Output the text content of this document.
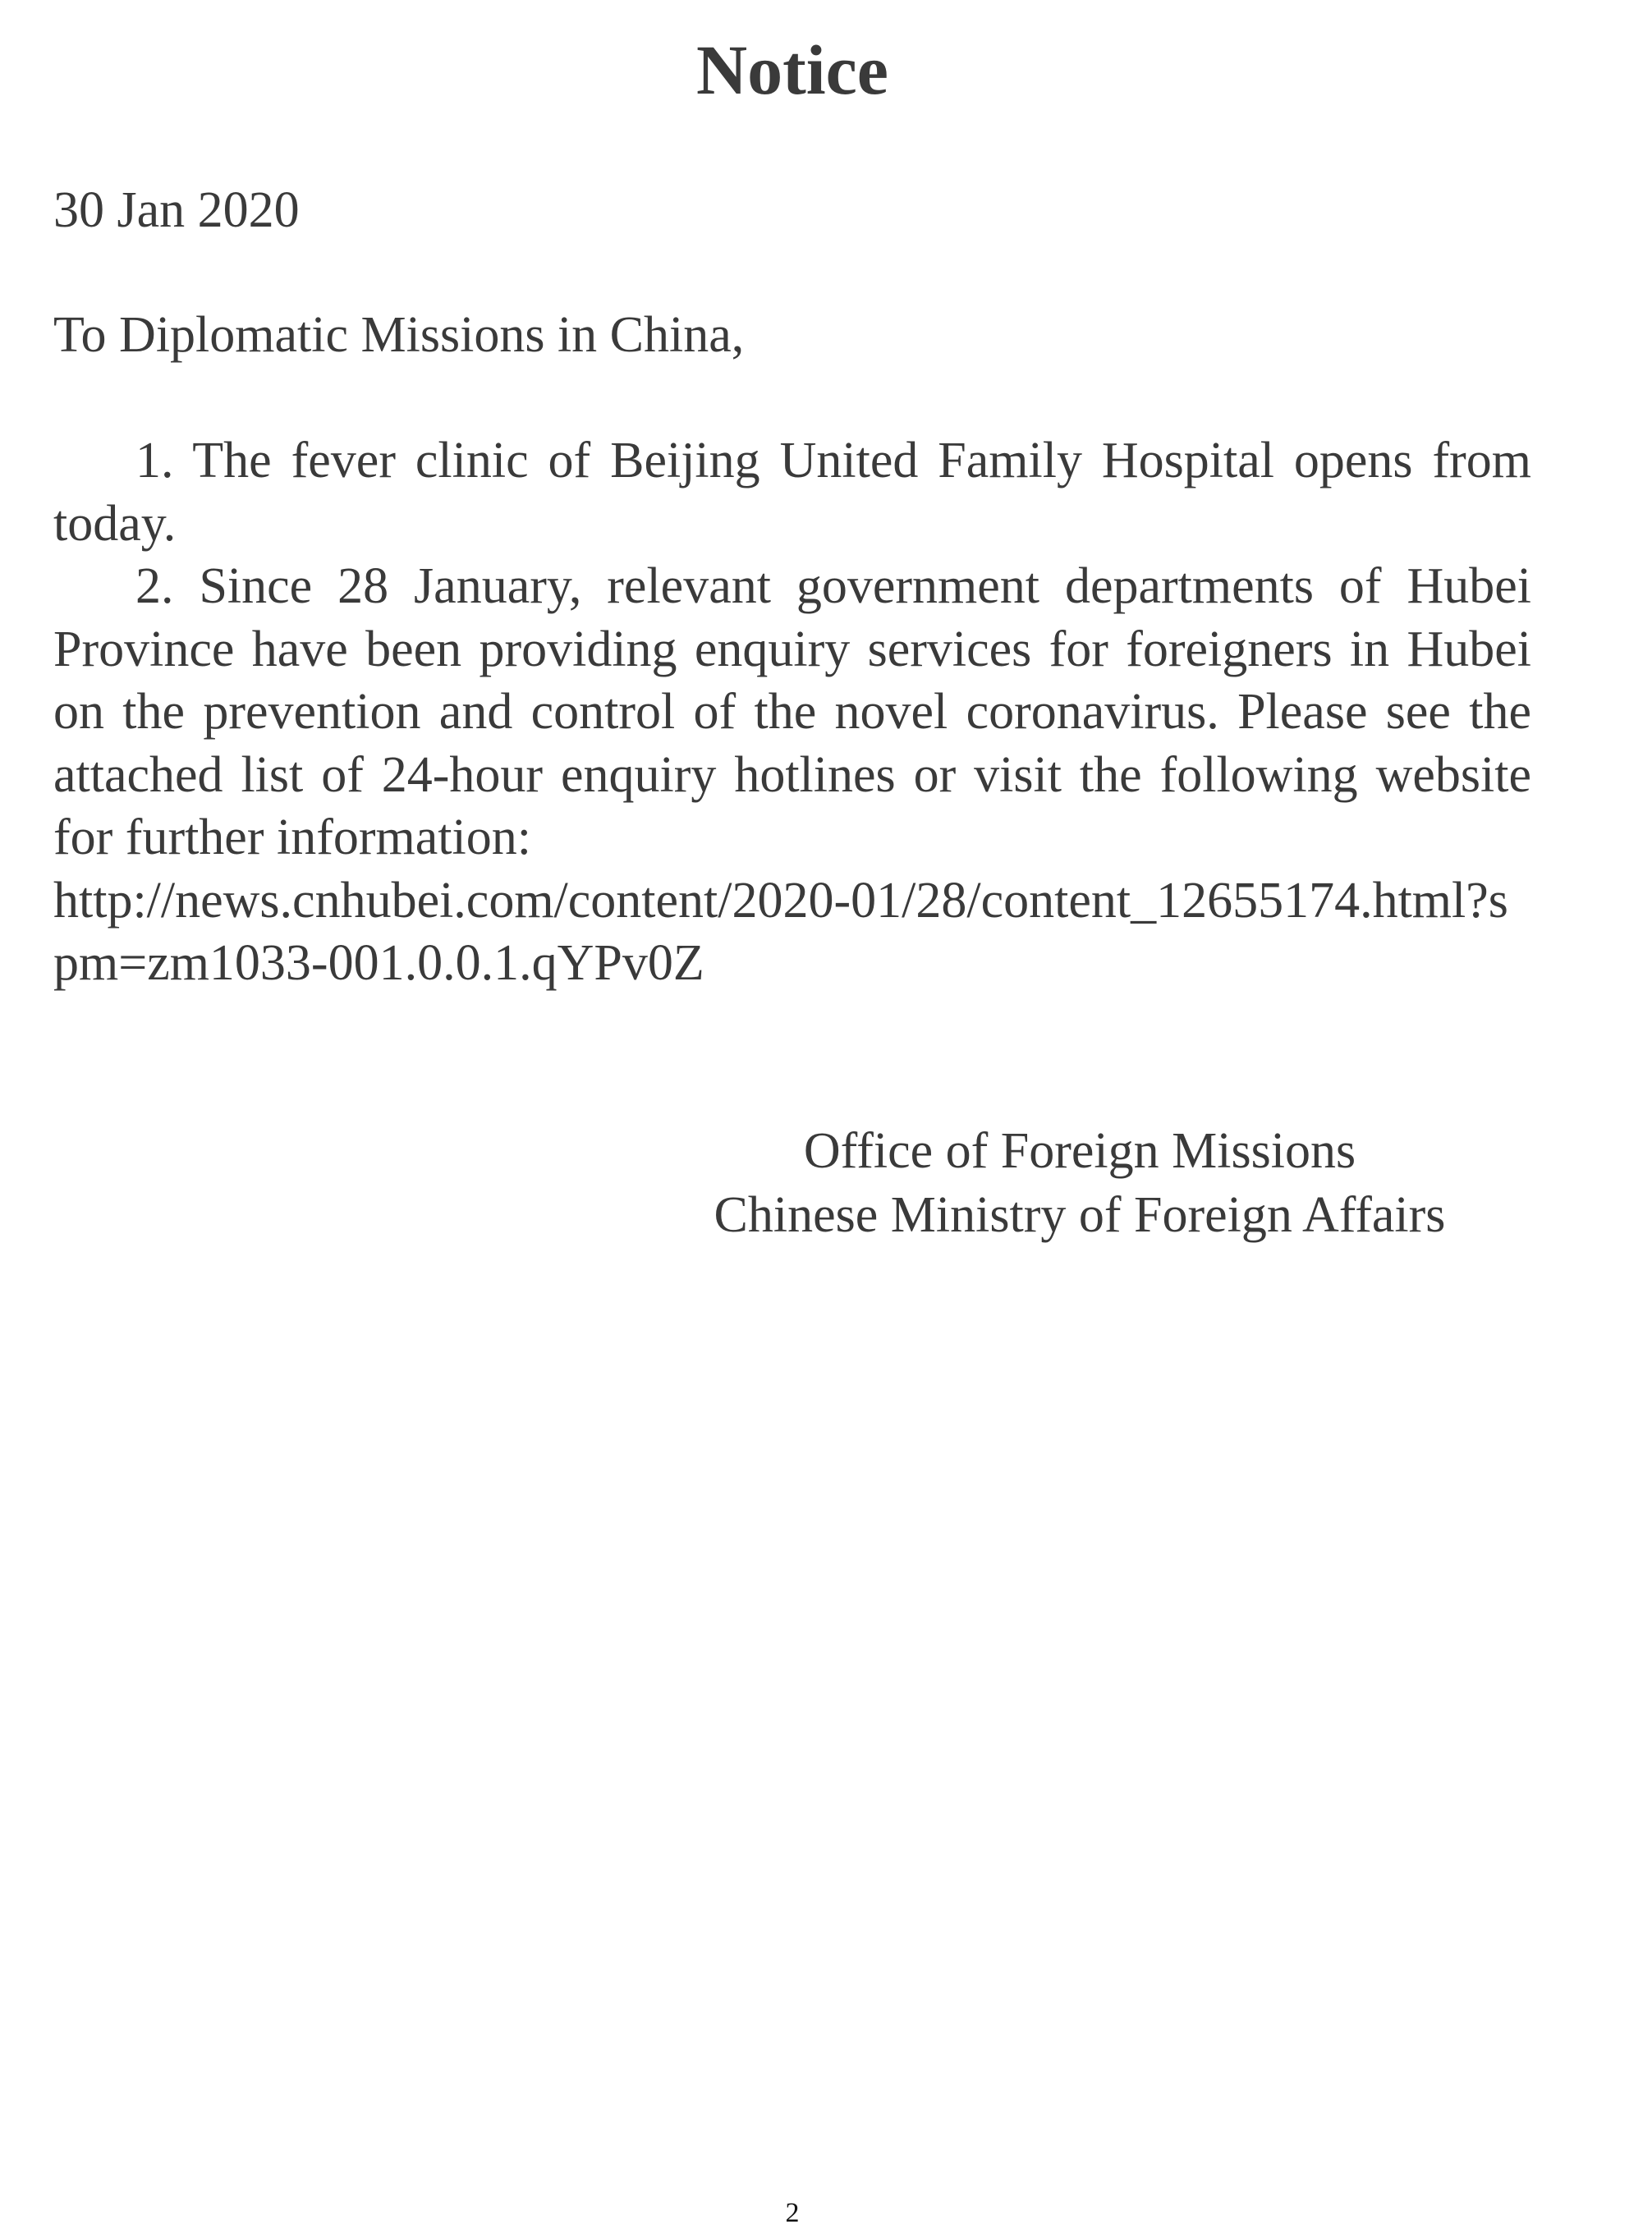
Notice
30 Jan 2020
To Diplomatic Missions in China,

1. The fever clinic of Beijing United Family Hospital opens from today.

2. Since 28 January, relevant government departments of Hubei Province have been providing enquiry services for foreigners in Hubei on the prevention and control of the novel coronavirus. Please see the attached list of 24-hour enquiry hotlines or visit the following website for further information:
http://news.cnhubei.com/content/2020-01/28/content_12655174.html?spm=zm1033-001.0.0.1.qYPv0Z

Office of Foreign Missions
Chinese Ministry of Foreign Affairs
2
